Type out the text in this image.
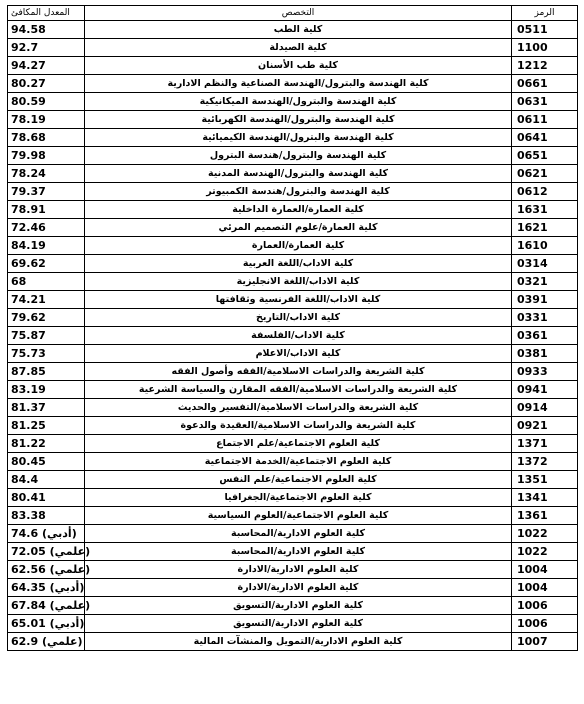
المعدل المكافئ	التخصص	الرمز
94.58	كلية الطب	0511
92.7	كلية الصيدلة	1100
94.27	كلية طب الأسنان	1212
80.27	كلية الهندسة والبترول/الهندسة الصناعية والنظم الادارية	0661
80.59	كلية الهندسة والبترول/الهندسة الميكانيكية	0631
78.19	كلية الهندسة والبترول/الهندسة الكهربائية	0611
78.68	كلية الهندسة والبترول/الهندسة الكيميائية	0641
79.98	كلية الهندسة والبترول/هندسة البترول	0651
78.24	كلية الهندسة والبترول/الهندسة المدنية	0621
79.37	كلية الهندسة والبترول/هندسة الكمبيوتر	0612
78.91	كلية العمارة/العمارة الداخلية	1631
72.46	كلية العمارة/علوم التصميم المرئي	1621
84.19	كلية العمارة/العمارة	1610
69.62	كلية الاداب/اللغة العربية	0314
68	كلية الاداب/اللغة الانجليزية	0321
74.21	كلية الاداب/اللغة الفرنسية وثقافتها	0391
79.62	كلية الاداب/التاريخ	0331
75.87	كلية الاداب/الفلسفة	0361
75.73	كلية الاداب/الاعلام	0381
87.85	كلية الشريعة والدراسات الاسلامية/الفقه وأصول الفقه	0933
83.19	كلية الشريعة والدراسات الاسلامية/الفقه المقارن والسياسة الشرعية	0941
81.37	كلية الشريعة والدراسات الاسلامية/التفسير والحديث	0914
81.25	كلية الشريعة والدراسات الاسلامية/العقيدة والدعوة	0921
81.22	كلية العلوم الاجتماعية/علم الاجتماع	1371
80.45	كلية العلوم الاجتماعية/الخدمة الاجتماعية	1372
84.4	كلية العلوم الاجتماعية/علم النفس	1351
80.41	كلية العلوم الاجتماعية/الجغرافيا	1341
83.38	كلية العلوم الاجتماعية/العلوم السياسية	1361
74.6 (أدبي)	كلية العلوم الادارية/المحاسبة	1022
72.05 (علمي)	كلية العلوم الادارية/المحاسبة	1022
62.56 (علمي)	كلية العلوم الادارية/الادارة	1004
64.35 (أدبي)	كلية العلوم الادارية/الادارة	1004
67.84 (علمي)	كلية العلوم الادارية/التسويق	1006
65.01 (أدبي)	كلية العلوم الادارية/التسويق	1006
62.9 (علمي)	كلية العلوم الادارية/التمويل والمنشآت المالية	1007
